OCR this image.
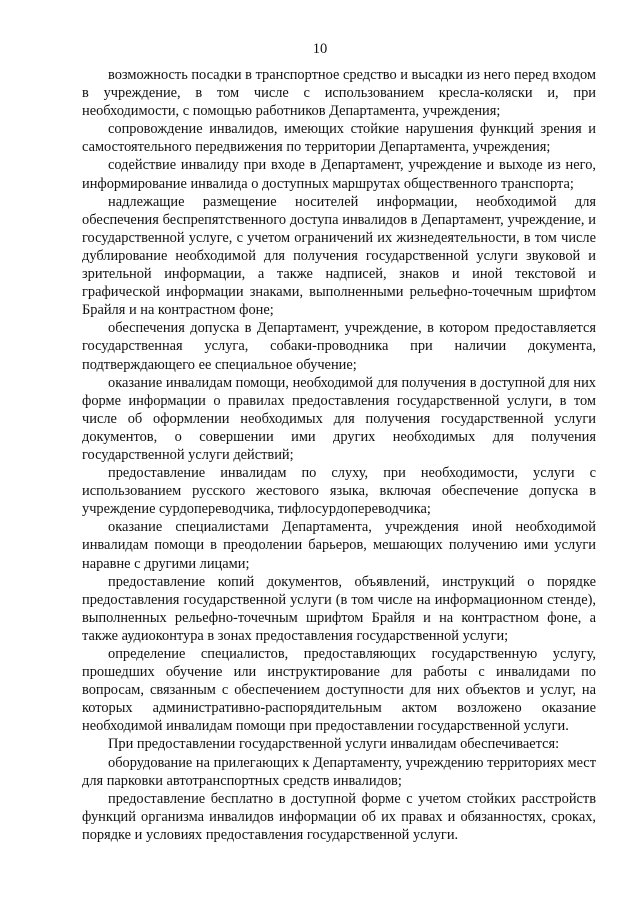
10

возможность посадки в транспортное средство и высадки из него перед входом в учреждение, в том числе с использованием кресла-коляски и, при необходимости, с помощью работников Департамента, учреждения;

сопровождение инвалидов, имеющих стойкие нарушения функций зрения и самостоятельного передвижения по территории Департамента, учреждения;

содействие инвалиду при входе в Департамент, учреждение и выходе из него, информирование инвалида о доступных маршрутах общественного транспорта;

надлежащие размещение носителей информации, необходимой для обеспечения беспрепятственного доступа инвалидов в Департамент, учреждение, и государственной услуге, с учетом ограничений их жизнедеятельности, в том числе дублирование необходимой для получения государственной услуги звуковой и зрительной информации, а также надписей, знаков и иной текстовой и графической информации знаками, выполненными рельефно-точечным шрифтом Брайля и на контрастном фоне;

обеспечения допуска в Департамент, учреждение, в котором предоставляется государственная услуга, собаки-проводника при наличии документа, подтверждающего ее специальное обучение;

оказание инвалидам помощи, необходимой для получения в доступной для них форме информации о правилах предоставления государственной услуги, в том числе об оформлении необходимых для получения государственной услуги документов, о совершении ими других необходимых для получения государственной услуги действий;

предоставление инвалидам по слуху, при необходимости, услуги с использованием русского жестового языка, включая обеспечение допуска в учреждение сурдопереводчика, тифлосурдопереводчика;

оказание специалистами Департамента, учреждения иной необходимой инвалидам помощи в преодолении барьеров, мешающих получению ими услуги наравне с другими лицами;

предоставление копий документов, объявлений, инструкций о порядке предоставления государственной услуги (в том числе на информационном стенде), выполненных рельефно-точечным шрифтом Брайля и на контрастном фоне, а также аудиоконтура в зонах предоставления государственной услуги;

определение специалистов, предоставляющих государственную услугу, прошедших обучение или инструктирование для работы с инвалидами по вопросам, связанным с обеспечением доступности для них объектов и услуг, на которых административно-распорядительным актом возложено оказание необходимой инвалидам помощи при предоставлении государственной услуги.

При предоставлении государственной услуги инвалидам обеспечивается:

оборудование на прилегающих к Департаменту, учреждению территориях мест для парковки автотранспортных средств инвалидов;

предоставление бесплатно в доступной форме с учетом стойких расстройств функций организма инвалидов информации об их правах и обязанностях, сроках, порядке и условиях предоставления государственной услуги.
